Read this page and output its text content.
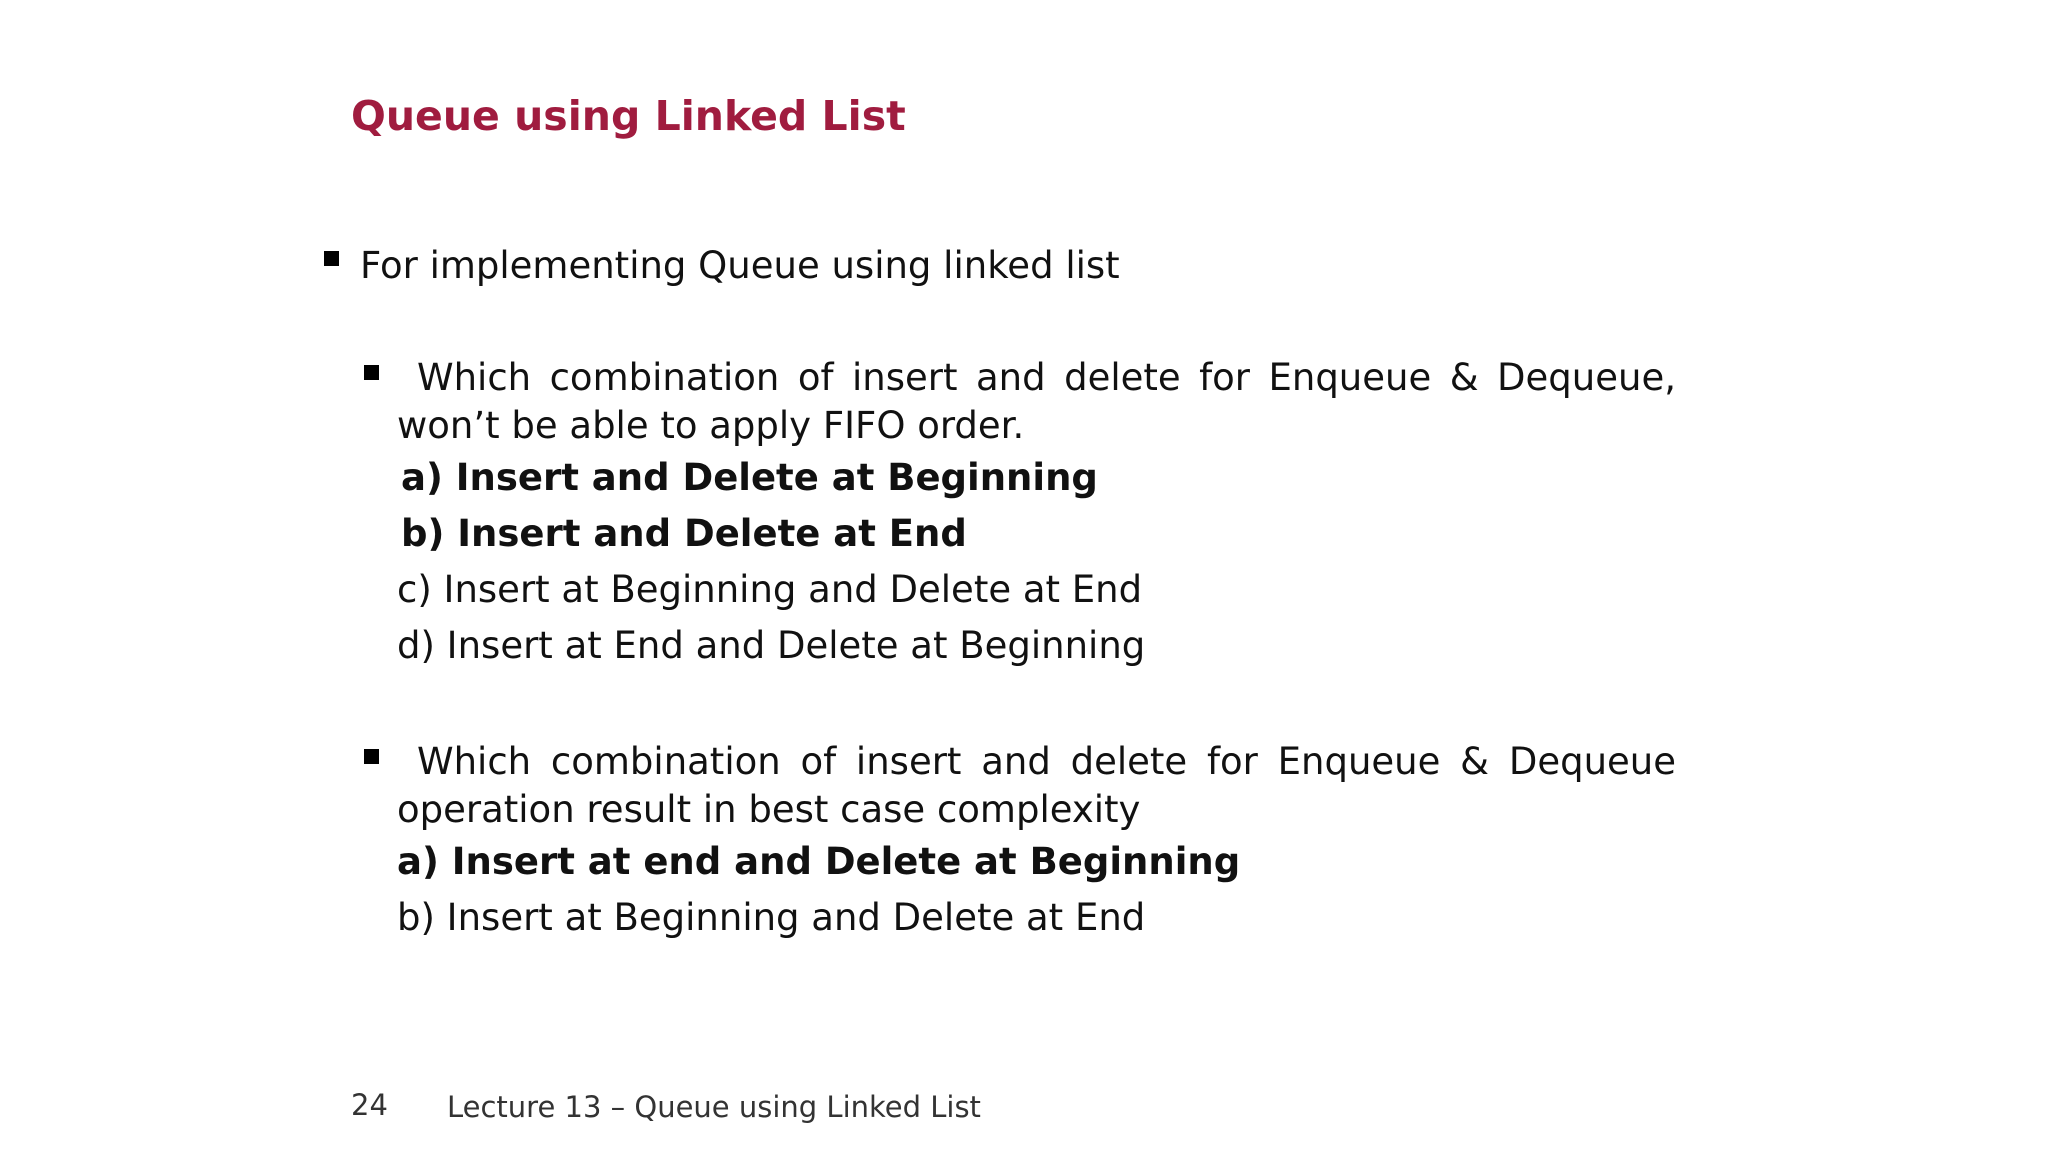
Queue using Linked List
For implementing Queue using linked list
Which combination of insert and delete for Enqueue & Dequeue,
won’t be able to apply FIFO order.
a) Insert and Delete at Beginning
b) Insert and Delete at End
c) Insert at Beginning and Delete at End
d) Insert at End and Delete at Beginning
Which combination of insert and delete for Enqueue & Dequeue
operation result in best case complexity
a) Insert at end and Delete at Beginning
b) Insert at Beginning and Delete at End
24 Lecture 13 – Queue using Linked List
